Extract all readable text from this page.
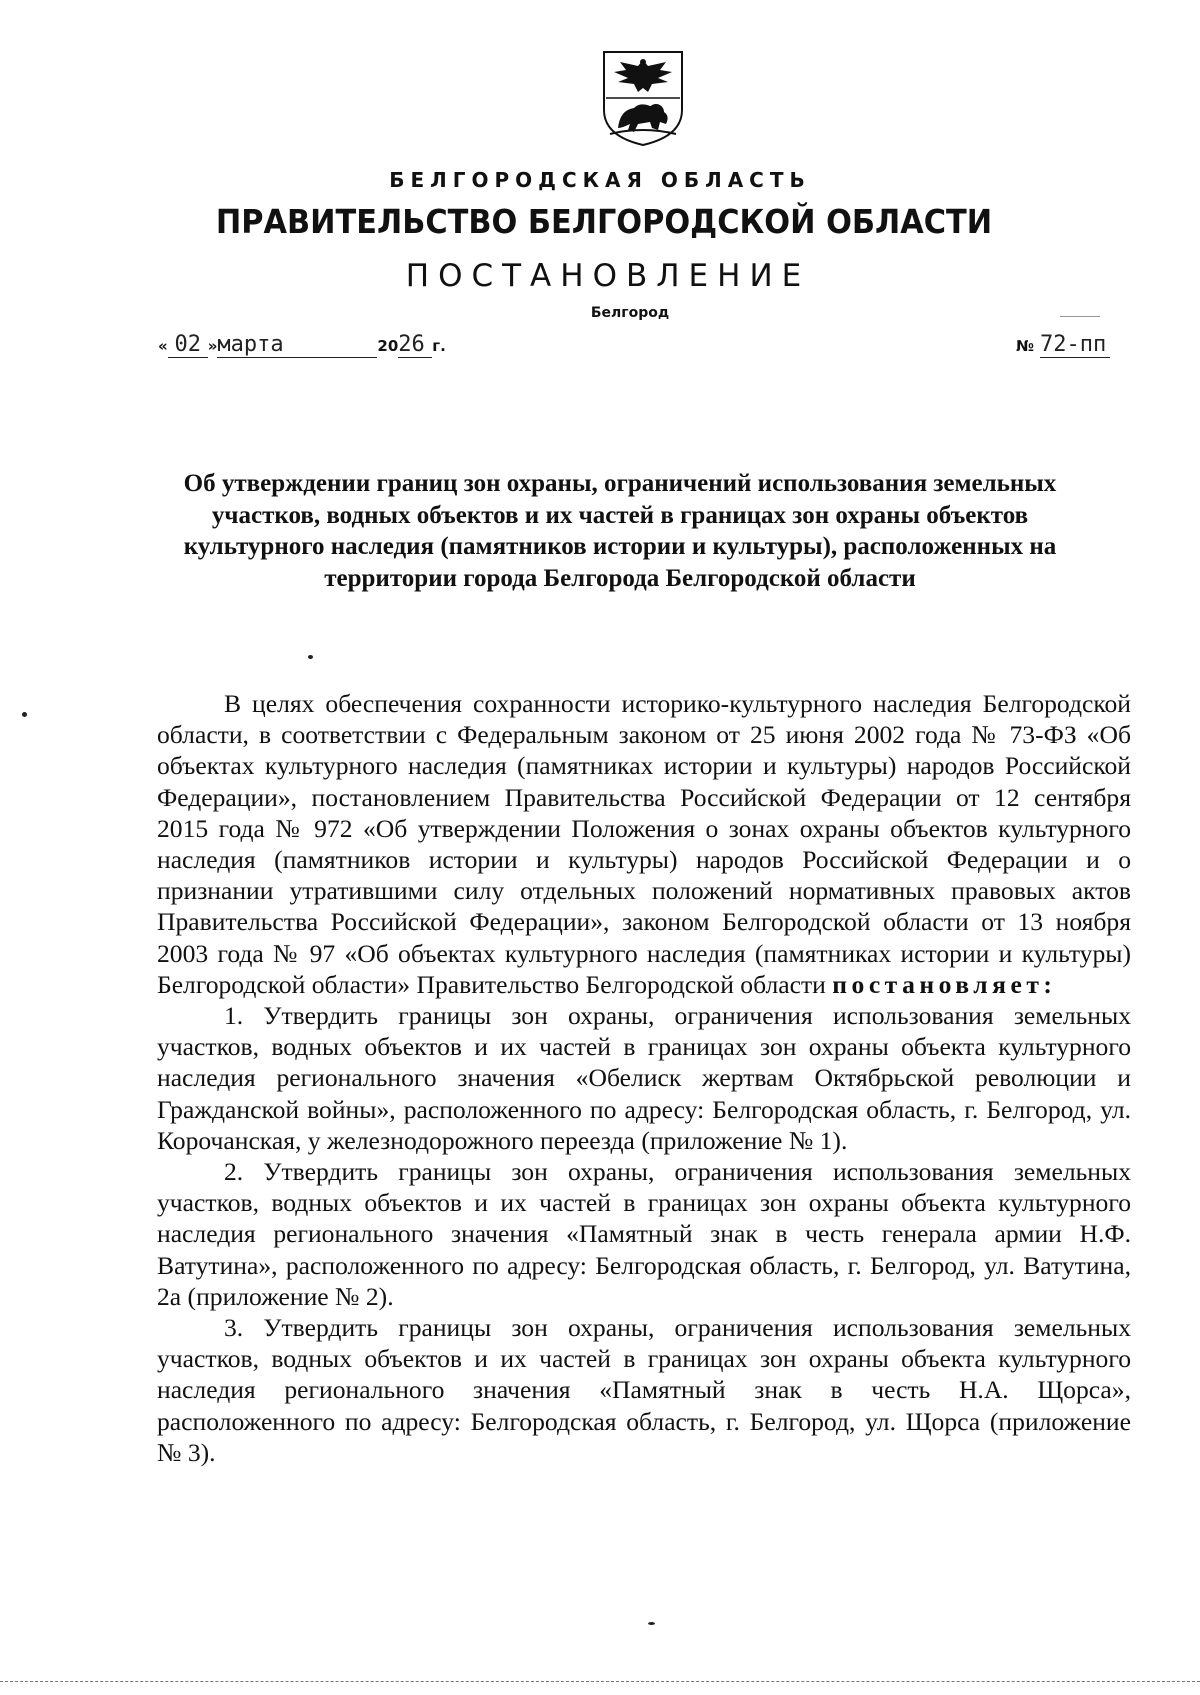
БЕЛГОРОДСКАЯ ОБЛАСТЬ
ПРАВИТЕЛЬСТВО БЕЛГОРОДСКОЙ ОБЛАСТИ
ПОСТАНОВЛЕНИЕ
Белгород
« 02 »марта	2026 г.	№ 72-пп
Об утверждении границ зон охраны, ограничений использования земельных участков, водных объектов и их частей в границах зон охраны объектов культурного наследия (памятников истории и культуры), расположенных на территории города Белгорода Белгородской области

В целях обеспечения сохранности историко-культурного наследия Белгородской области, в соответствии с Федеральным законом от 25 июня 2002 года № 73-ФЗ «Об объектах культурного наследия (памятниках истории и культуры) народов Российской Федерации», постановлением Правительства Российской Федерации от 12 сентября 2015 года № 972 «Об утверждении Положения о зонах охраны объектов культурного наследия (памятников истории и культуры) народов Российской Федерации и о признании утратившими силу отдельных положений нормативных правовых актов Правительства Российской Федерации», законом Белгородской области от 13 ноября 2003 года № 97 «Об объектах культурного наследия (памятниках истории и культуры) Белгородской области» Правительство Белгородской области постановляет:

1. Утвердить границы зон охраны, ограничения использования земельных участков, водных объектов и их частей в границах зон охраны объекта культурного наследия регионального значения «Обелиск жертвам Октябрьской революции и Гражданской войны», расположенного по адресу: Белгородская область, г. Белгород, ул. Корочанская, у железнодорожного переезда (приложение № 1).

2. Утвердить границы зон охраны, ограничения использования земельных участков, водных объектов и их частей в границах зон охраны объекта культурного наследия регионального значения «Памятный знак в честь генерала армии Н.Ф. Ватутина», расположенного по адресу: Белгородская область, г. Белгород, ул. Ватутина, 2а (приложение № 2).

3. Утвердить границы зон охраны, ограничения использования земельных участков, водных объектов и их частей в границах зон охраны объекта культурного наследия регионального значения «Памятный знак в честь Н.А. Щорса», расположенного по адресу: Белгородская область, г. Белгород, ул. Щорса (приложение № 3).
